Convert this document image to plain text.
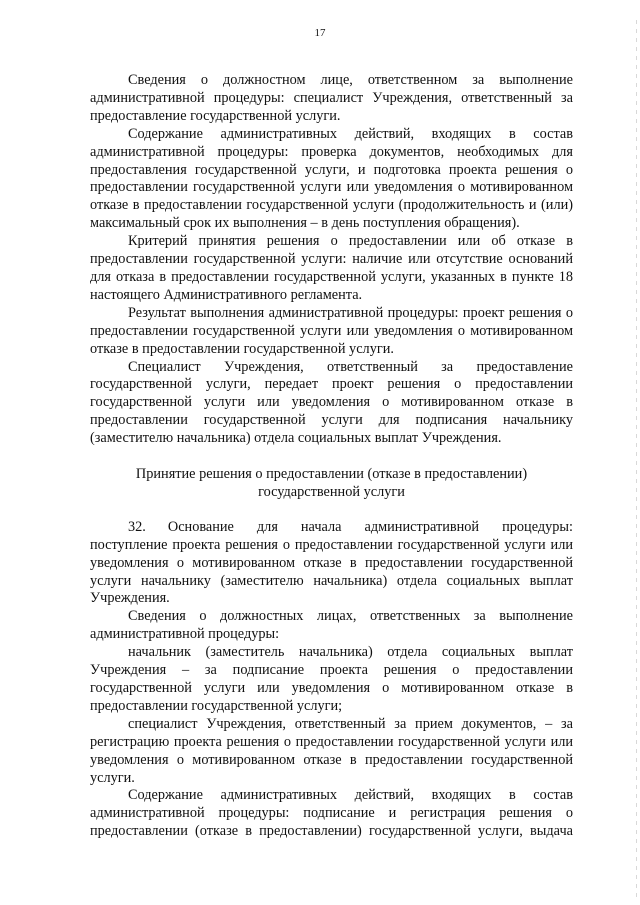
17

Сведения о должностном лице, ответственном за выполнение административной процедуры: специалист Учреждения, ответственный за предоставление государственной услуги.

Содержание административных действий, входящих в состав административной процедуры: проверка документов, необходимых для предоставления государственной услуги, и подготовка проекта решения о предоставлении государственной услуги или уведомления о мотивированном отказе в предоставлении государственной услуги (продолжительность и (или) максимальный срок их выполнения – в день поступления обращения).

Критерий принятия решения о предоставлении или об отказе в предоставлении государственной услуги: наличие или отсутствие оснований для отказа в предоставлении государственной услуги, указанных в пункте 18 настоящего Административного регламента.

Результат выполнения административной процедуры: проект решения о предоставлении государственной услуги или уведомления о мотивированном отказе в предоставлении государственной услуги.

Специалист Учреждения, ответственный за предоставление государственной услуги, передает проект решения о предоставлении государственной услуги или уведомления о мотивированном отказе в предоставлении государственной услуги для подписания начальнику (заместителю начальника) отдела социальных выплат Учреждения.

Принятие решения о предоставлении (отказе в предоставлении)
государственной услуги

32. Основание для начала административной процедуры: поступление проекта решения о предоставлении государственной услуги или уведомления о мотивированном отказе в предоставлении государственной услуги начальнику (заместителю начальника) отдела социальных выплат Учреждения.

Сведения о должностных лицах, ответственных за выполнение административной процедуры:

начальник (заместитель начальника) отдела социальных выплат Учреждения – за подписание проекта решения о предоставлении государственной услуги или уведомления о мотивированном отказе в предоставлении государственной услуги;

специалист Учреждения, ответственный за прием документов, – за регистрацию проекта решения о предоставлении государственной услуги или уведомления о мотивированном отказе в предоставлении государственной услуги.

Содержание административных действий, входящих в состав административной процедуры: подписание и регистрация решения о предоставлении (отказе в предоставлении) государственной услуги, выдача
